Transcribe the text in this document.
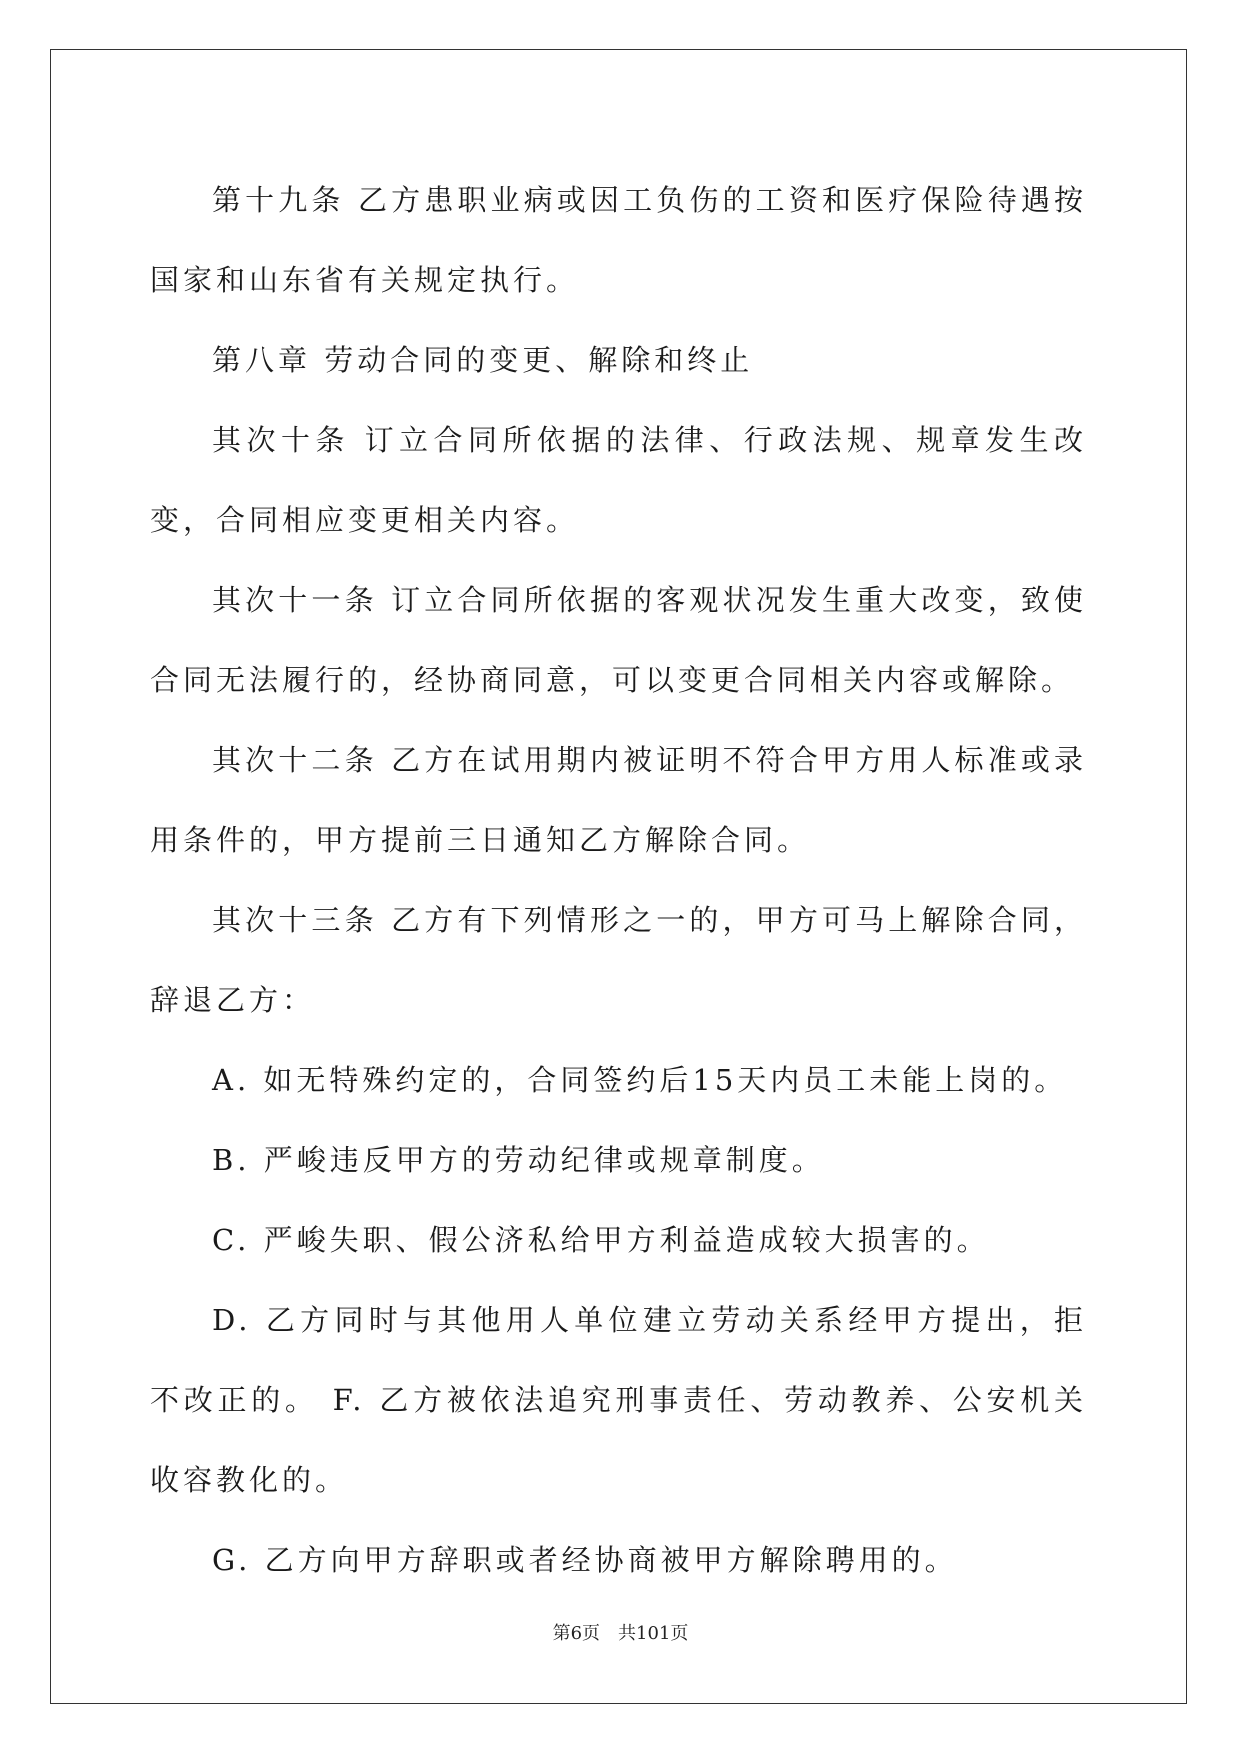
第十九条 乙方患职业病或因工负伤的工资和医疗保险待遇按国家和山东省有关规定执行。

第八章 劳动合同的变更、解除和终止

其次十条 订立合同所依据的法律、行政法规、规章发生改变，合同相应变更相关内容。

其次十一条 订立合同所依据的客观状况发生重大改变，致使合同无法履行的，经协商同意，可以变更合同相关内容或解除。

其次十二条 乙方在试用期内被证明不符合甲方用人标准或录用条件的，甲方提前三日通知乙方解除合同。

其次十三条 乙方有下列情形之一的，甲方可马上解除合同，辞退乙方：

A. 如无特殊约定的，合同签约后15天内员工未能上岗的。

B. 严峻违反甲方的劳动纪律或规章制度。

C. 严峻失职、假公济私给甲方利益造成较大损害的。

D. 乙方同时与其他用人单位建立劳动关系经甲方提出，拒不改正的。 F. 乙方被依法追究刑事责任、劳动教养、公安机关收容教化的。

G. 乙方向甲方辞职或者经协商被甲方解除聘用的。

第6页 共101页
